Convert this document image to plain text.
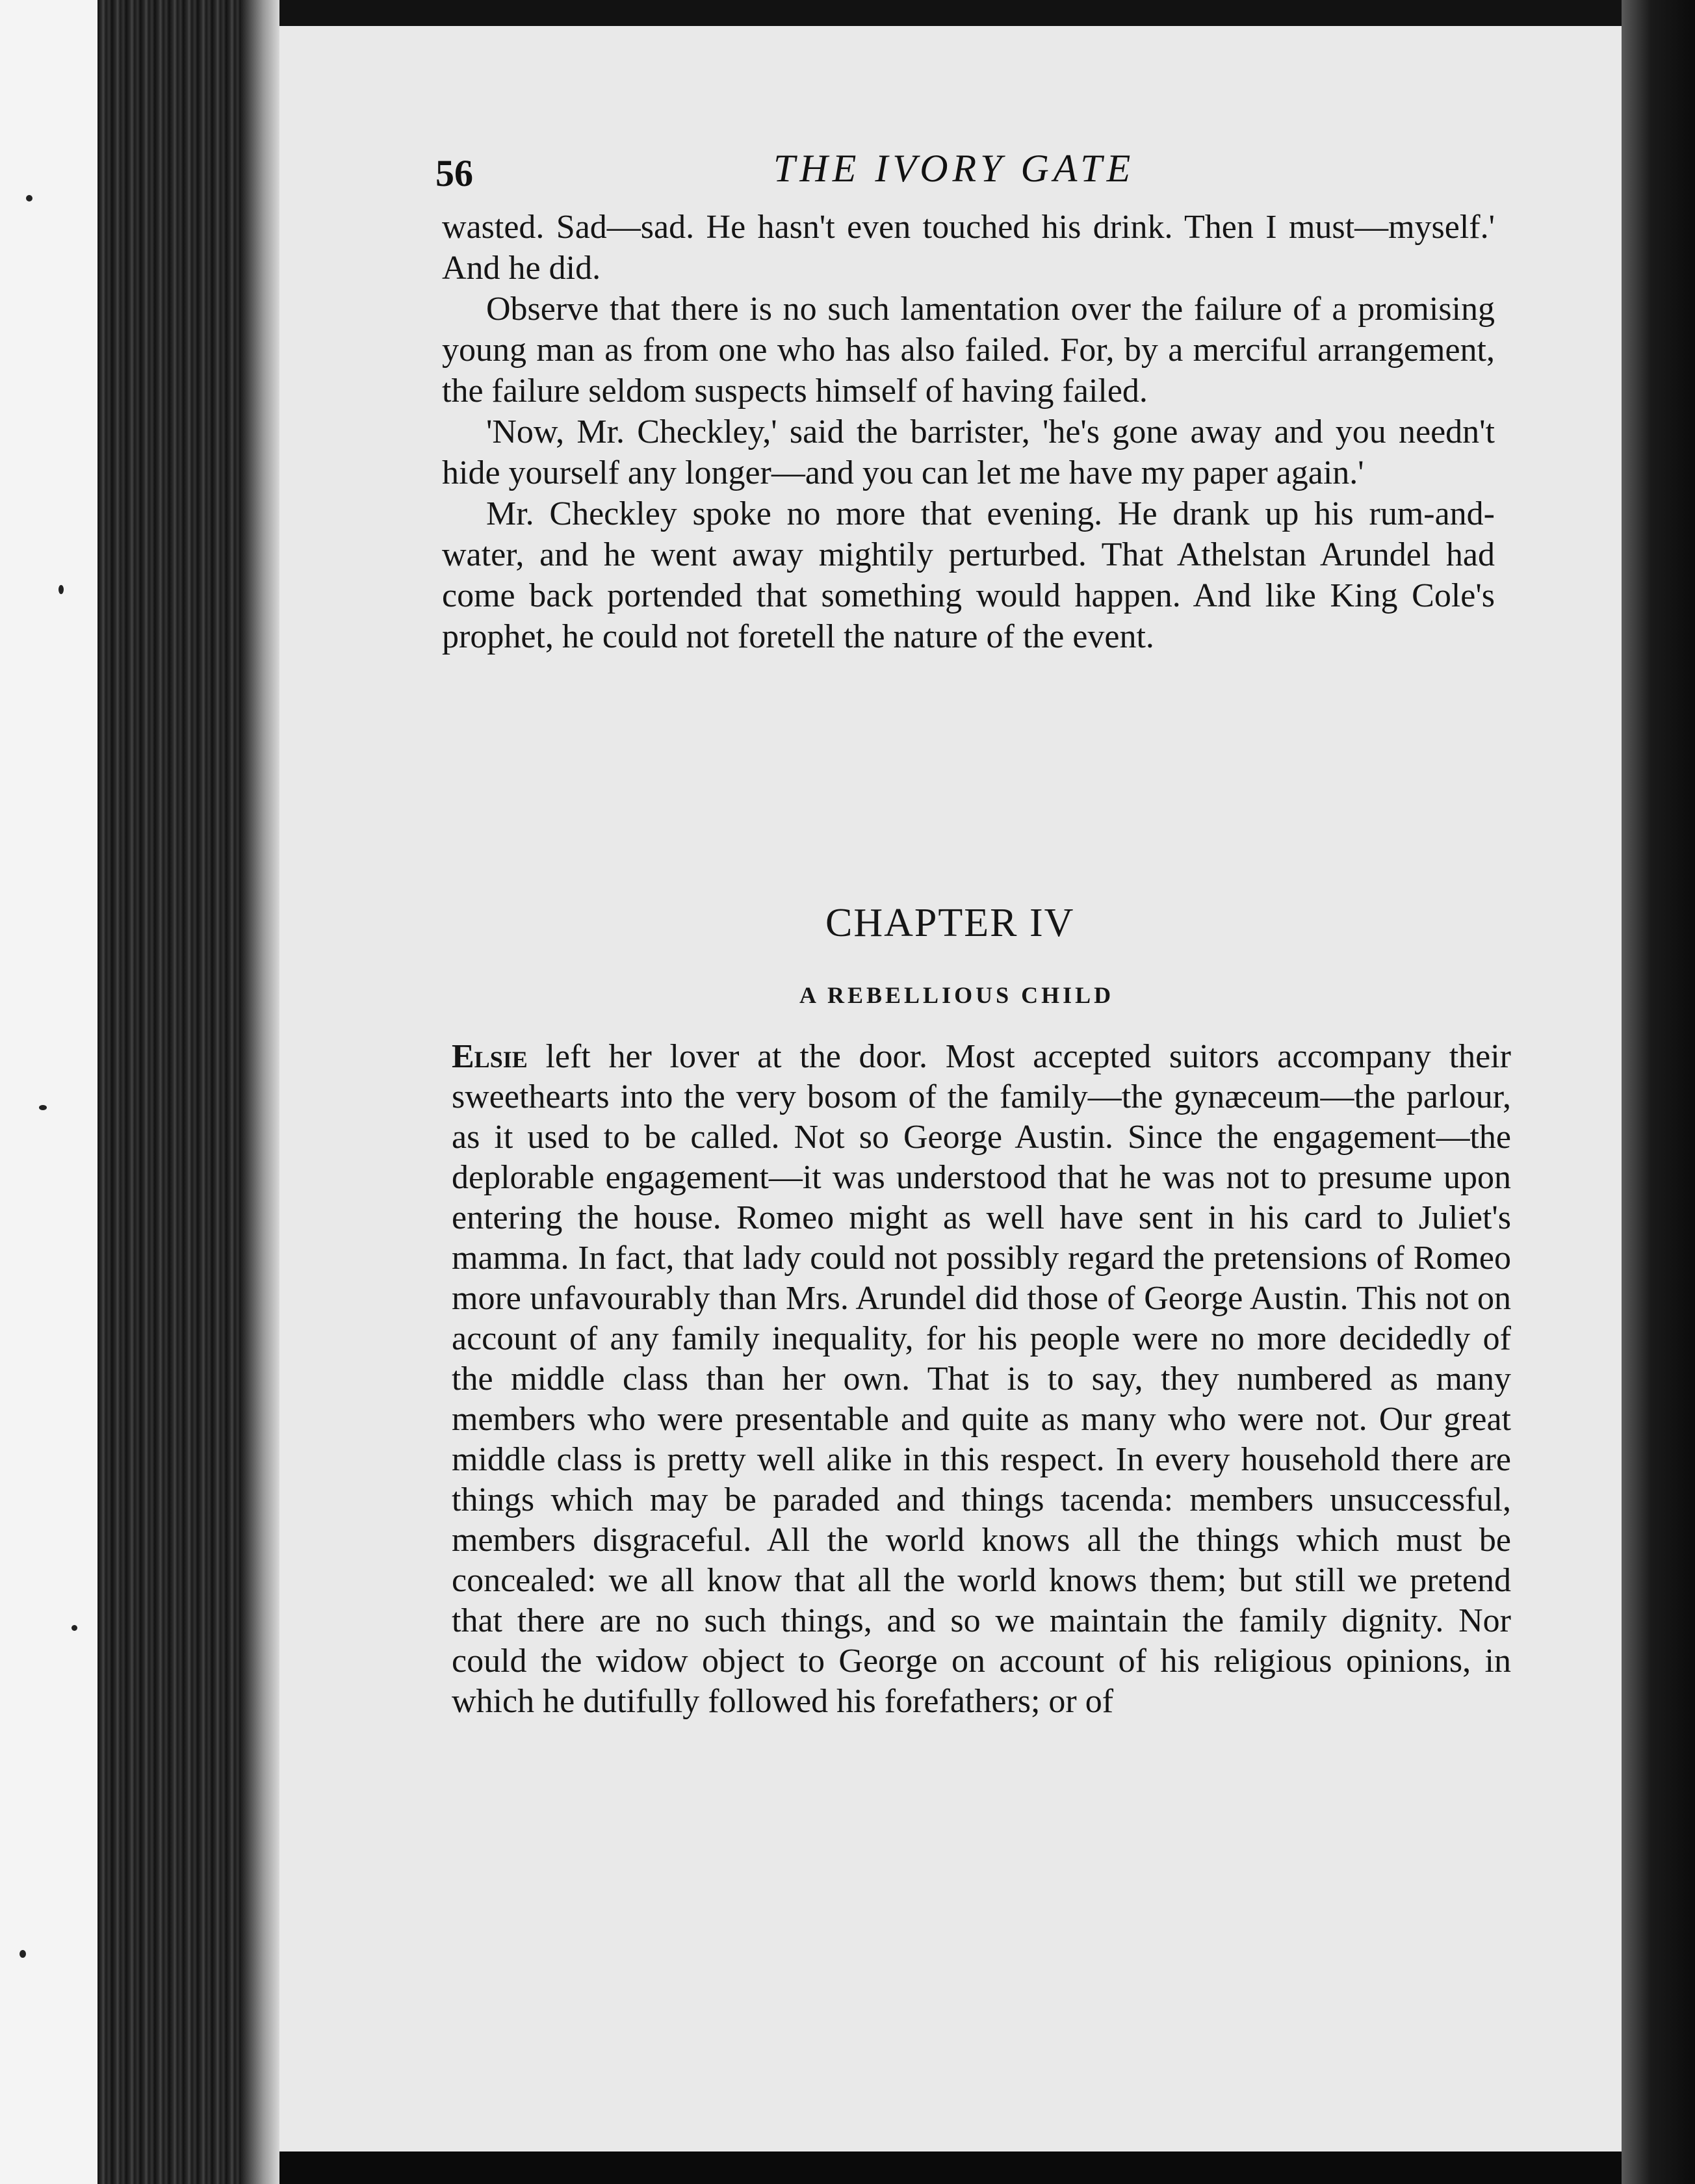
56	THE IVORY GATE

wasted. Sad—sad. He hasn't even touched his drink. Then I must—myself.' And he did.

Observe that there is no such lamentation over the failure of a promising young man as from one who has also failed. For, by a merciful arrangement, the failure seldom suspects himself of having failed.

'Now, Mr. Checkley,' said the barrister, 'he's gone away and you needn't hide yourself any longer—and you can let me have my paper again.'

Mr. Checkley spoke no more that evening. He drank up his rum-and-water, and he went away mightily perturbed. That Athelstan Arundel had come back portended that something would happen. And like King Cole's prophet, he could not foretell the nature of the event.

CHAPTER IV
A REBELLIOUS CHILD

Elsie left her lover at the door. Most accepted suitors accompany their sweethearts into the very bosom of the family—the gynæceum—the parlour, as it used to be called. Not so George Austin. Since the engagement—the deplorable engagement—it was understood that he was not to presume upon entering the house. Romeo might as well have sent in his card to Juliet's mamma. In fact, that lady could not possibly regard the pretensions of Romeo more unfavourably than Mrs. Arundel did those of George Austin. This not on account of any family inequality, for his people were no more decidedly of the middle class than her own. That is to say, they numbered as many members who were presentable and quite as many who were not. Our great middle class is pretty well alike in this respect. In every household there are things which may be paraded and things tacenda: members unsuccessful, members disgraceful. All the world knows all the things which must be concealed: we all know that all the world knows them; but still we pretend that there are no such things, and so we maintain the family dignity. Nor could the widow object to George on account of his religious opinions, in which he dutifully followed his forefathers; or of
